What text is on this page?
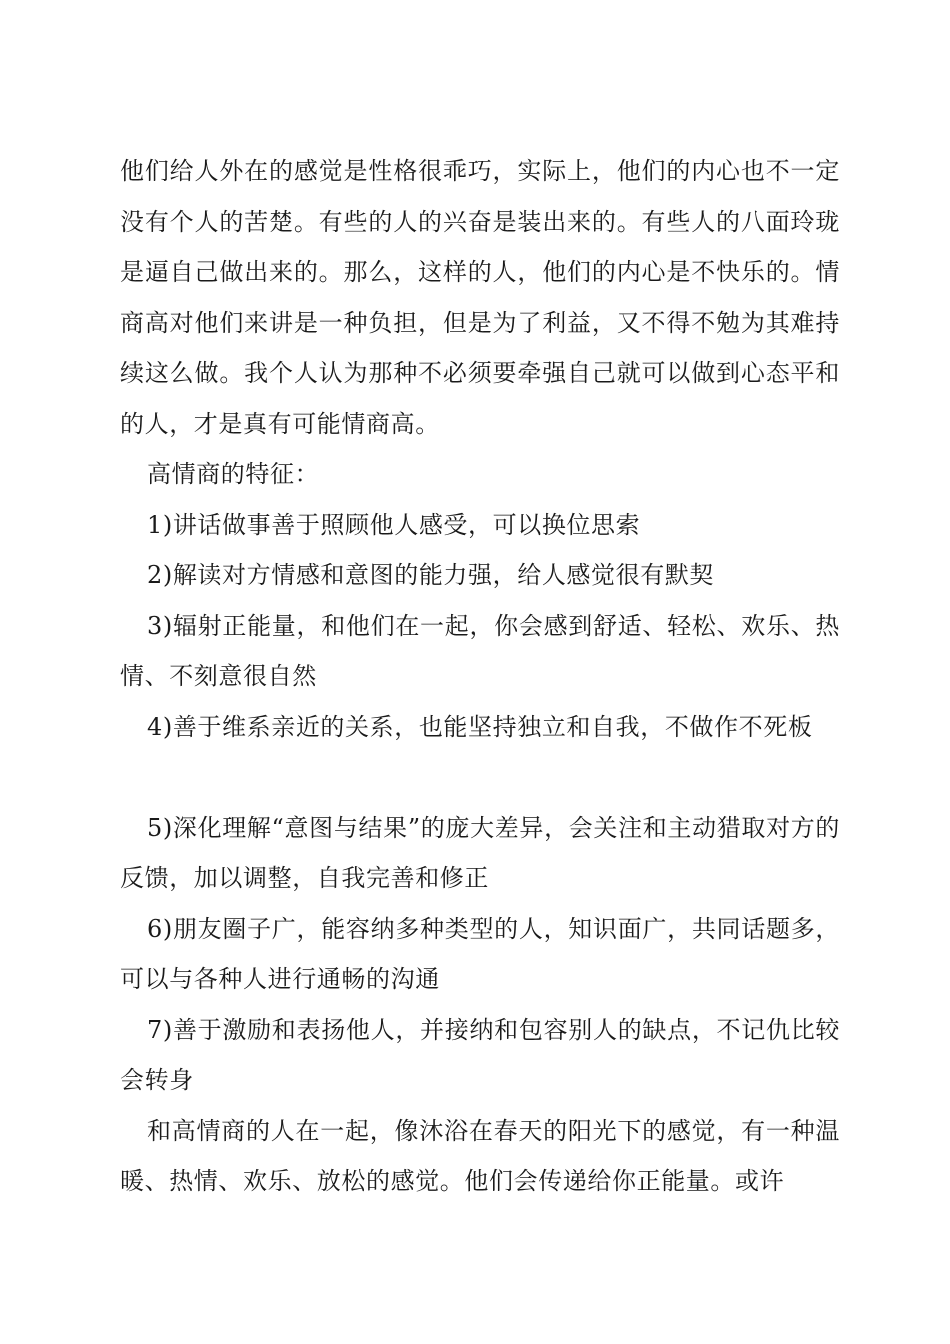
他们给人外在的感觉是性格很乖巧，实际上，他们的内心也不一定没有个人的苦楚。有些的人的兴奋是装出来的。有些人的八面玲珑是逼自己做出来的。那么，这样的人，他们的内心是不快乐的。情商高对他们来讲是一种负担，但是为了利益，又不得不勉为其难持续这么做。我个人认为那种不必须要牵强自己就可以做到心态平和的人，才是真有可能情商高。

高情商的特征：

1)讲话做事善于照顾他人感受，可以换位思索

2)解读对方情感和意图的能力强，给人感觉很有默契

3)辐射正能量，和他们在一起，你会感到舒适、轻松、欢乐、热情、不刻意很自然

4)善于维系亲近的关系，也能坚持独立和自我，不做作不死板

5)深化理解“意图与结果”的庞大差异，会关注和主动猎取对方的反馈，加以调整，自我完善和修正

6)朋友圈子广，能容纳多种类型的人，知识面广，共同话题多，可以与各种人进行通畅的沟通

7)善于激励和表扬他人，并接纳和包容别人的缺点，不记仇比较会转身

和高情商的人在一起，像沐浴在春天的阳光下的感觉，有一种温暖、热情、欢乐、放松的感觉。他们会传递给你正能量。或许
